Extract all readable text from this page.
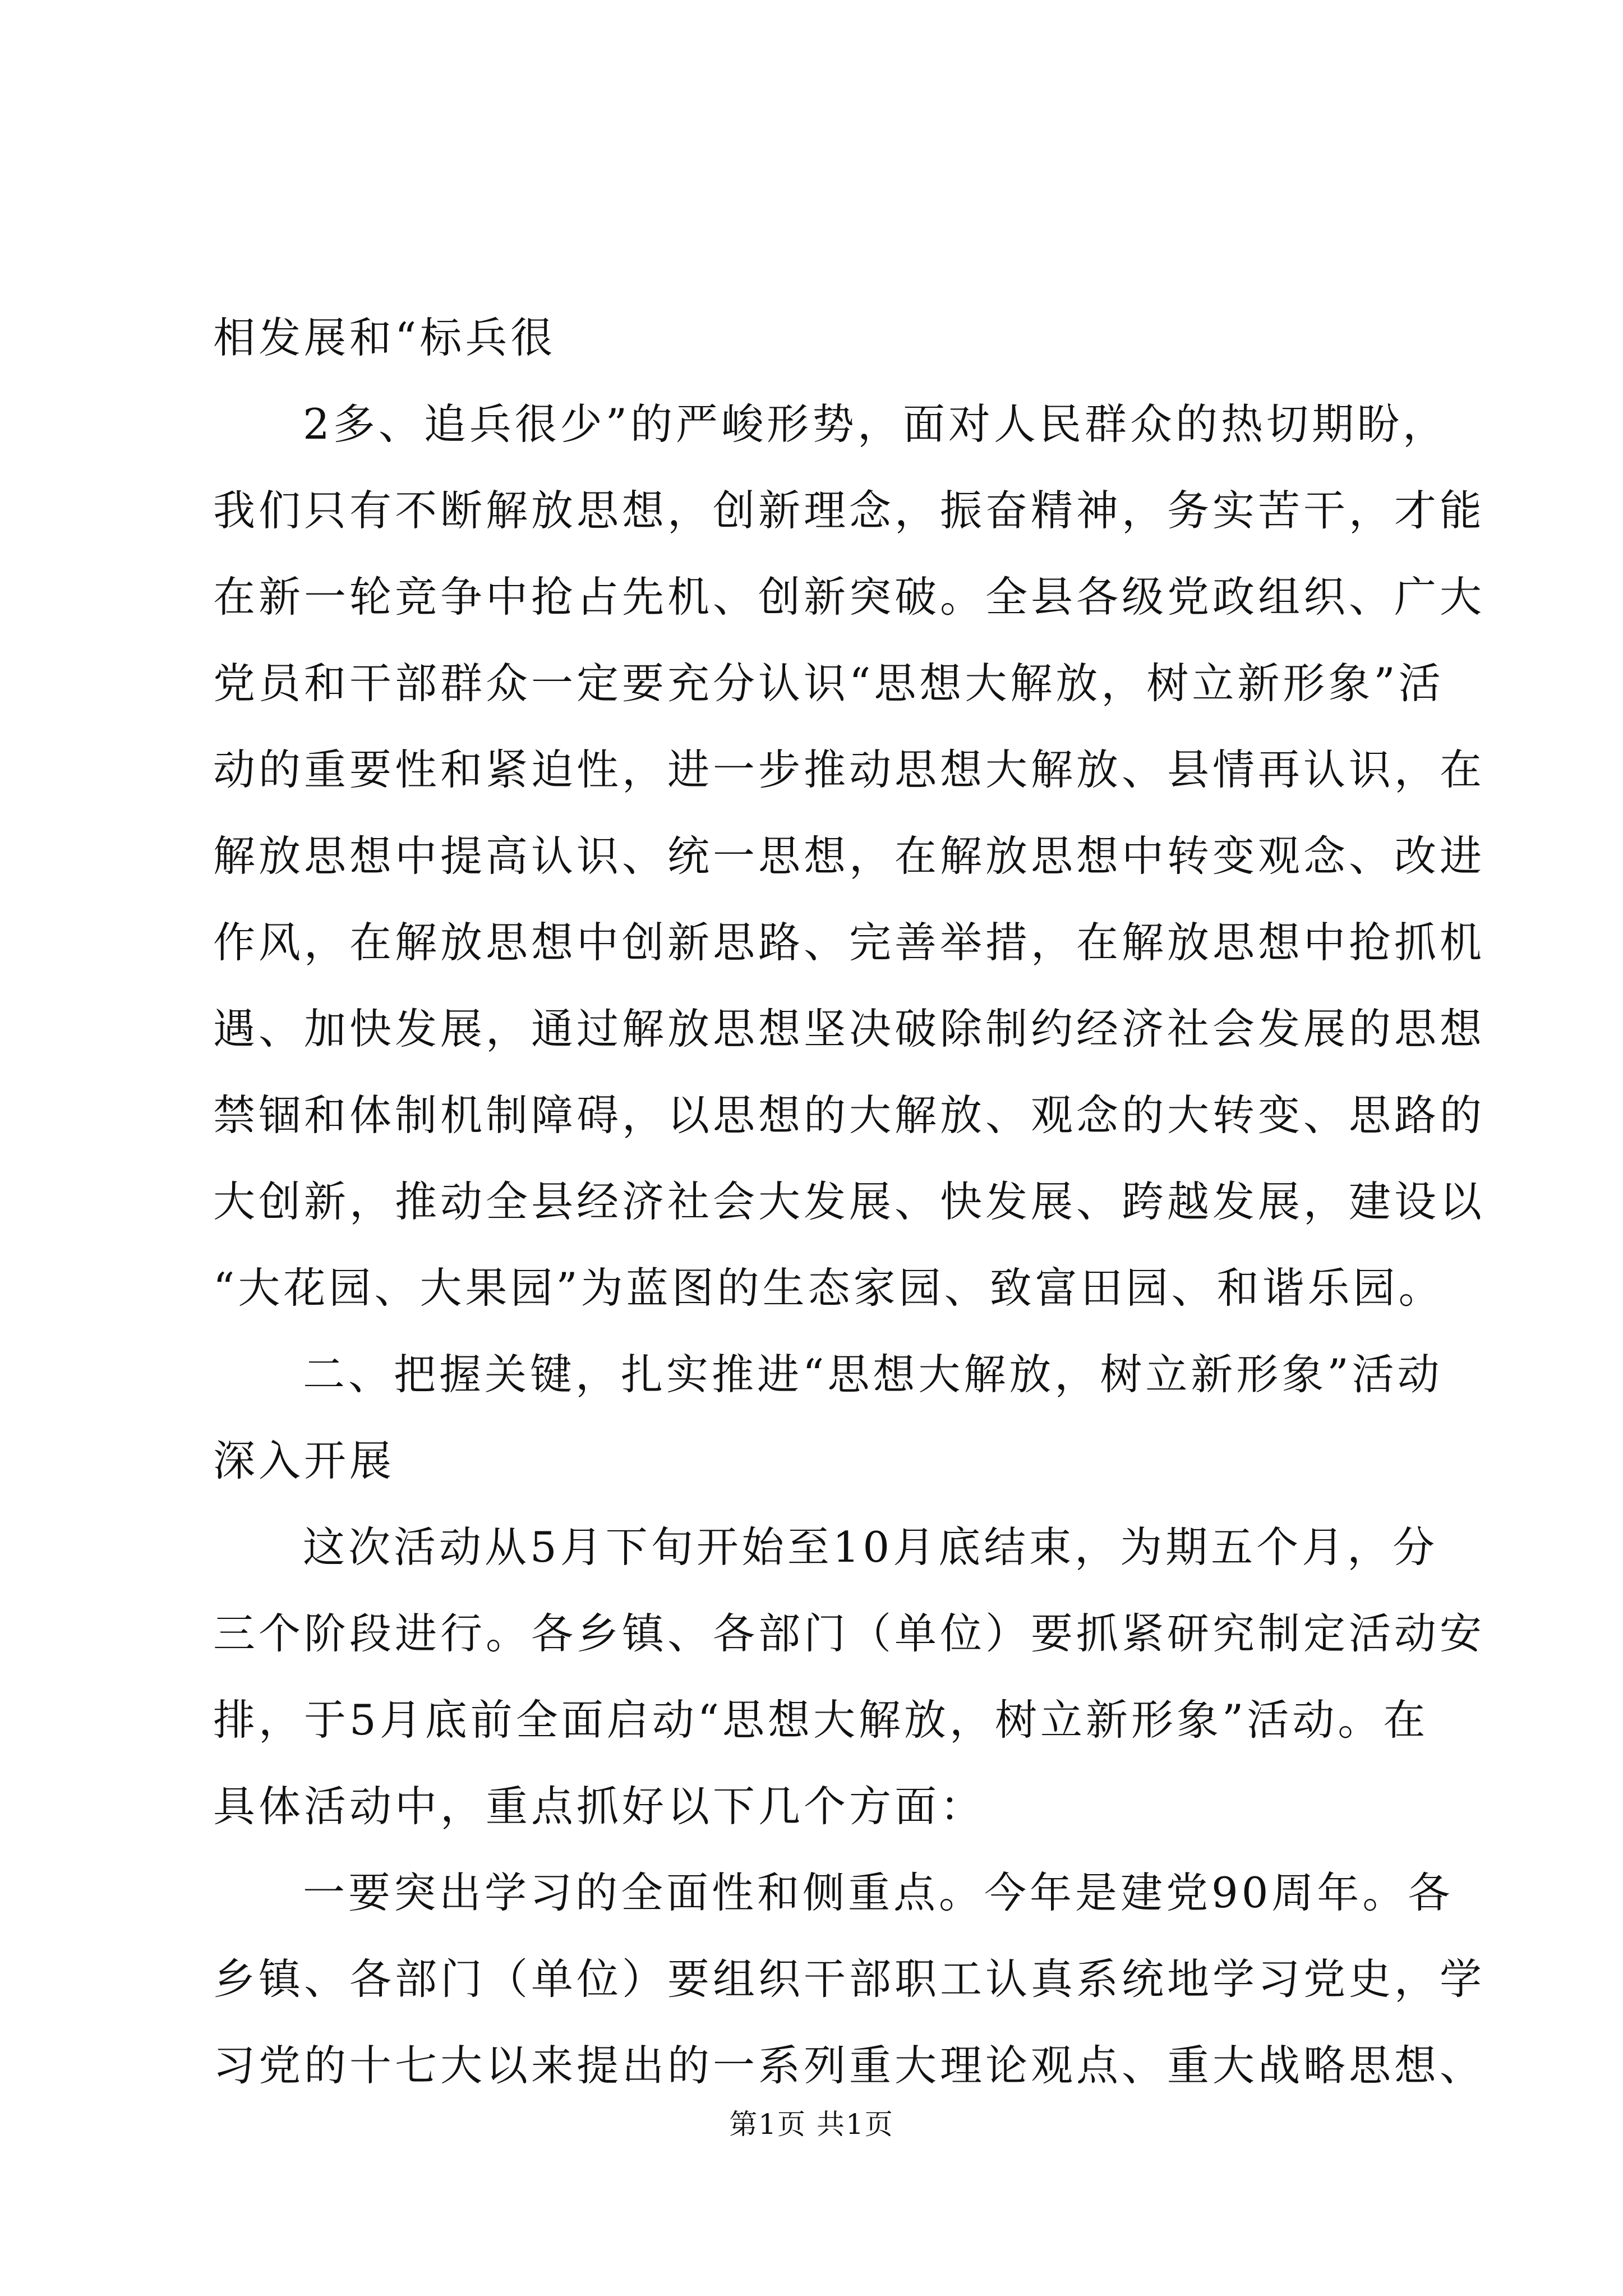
相发展和“标兵很
2多、追兵很少”的严峻形势，面对人民群众的热切期盼，
我们只有不断解放思想，创新理念，振奋精神，务实苦干，才能
在新一轮竞争中抢占先机、创新突破。全县各级党政组织、广大
党员和干部群众一定要充分认识“思想大解放，树立新形象”活
动的重要性和紧迫性，进一步推动思想大解放、县情再认识，在
解放思想中提高认识、统一思想，在解放思想中转变观念、改进
作风，在解放思想中创新思路、完善举措，在解放思想中抢抓机
遇、加快发展，通过解放思想坚决破除制约经济社会发展的思想
禁锢和体制机制障碍，以思想的大解放、观念的大转变、思路的
大创新，推动全县经济社会大发展、快发展、跨越发展，建设以
“大花园、大果园”为蓝图的生态家园、致富田园、和谐乐园。
二、把握关键，扎实推进“思想大解放，树立新形象”活动
深入开展
这次活动从5月下旬开始至10月底结束，为期五个月，分
三个阶段进行。各乡镇、各部门（单位）要抓紧研究制定活动安
排，于5月底前全面启动“思想大解放，树立新形象”活动。在
具体活动中，重点抓好以下几个方面：
一要突出学习的全面性和侧重点。今年是建党90周年。各
乡镇、各部门（单位）要组织干部职工认真系统地学习党史，学
习党的十七大以来提出的一系列重大理论观点、重大战略思想、
第1页 共1页
